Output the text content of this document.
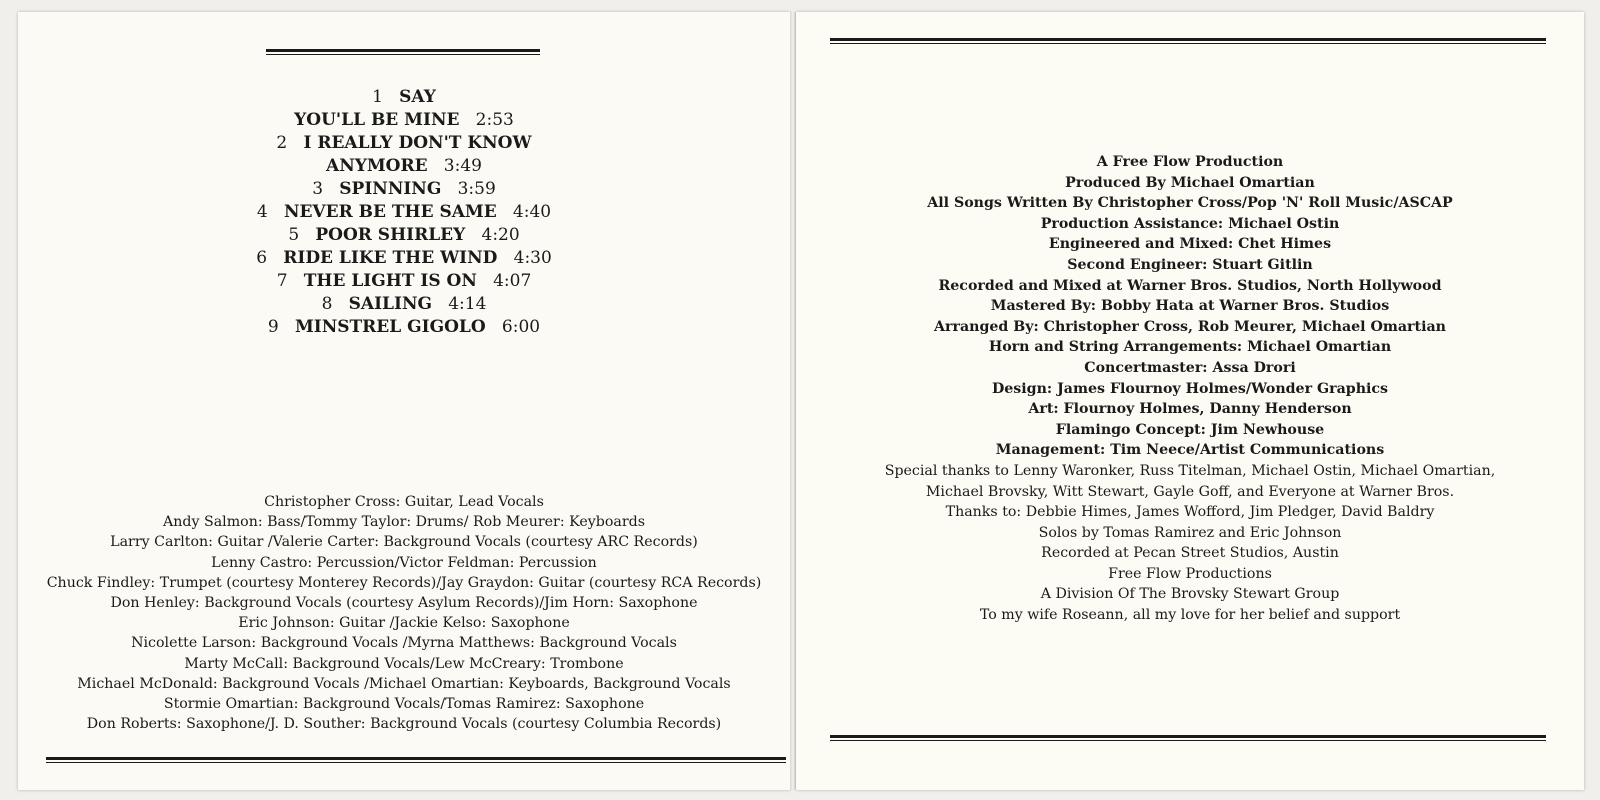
1 SAY
YOU'LL BE MINE 2:53
2 I REALLY DON'T KNOW
ANYMORE 3:49
3 SPINNING 3:59
4 NEVER BE THE SAME 4:40
5 POOR SHIRLEY 4:20
6 RIDE LIKE THE WIND 4:30
7 THE LIGHT IS ON 4:07
8 SAILING 4:14
9 MINSTREL GIGOLO 6:00
Christopher Cross: Guitar, Lead Vocals
Andy Salmon: Bass/Tommy Taylor: Drums/ Rob Meurer: Keyboards
Larry Carlton: Guitar /Valerie Carter: Background Vocals (courtesy ARC Records)
Lenny Castro: Percussion/Victor Feldman: Percussion
Chuck Findley: Trumpet (courtesy Monterey Records)/Jay Graydon: Guitar (courtesy RCA Records)
Don Henley: Background Vocals (courtesy Asylum Records)/Jim Horn: Saxophone
Eric Johnson: Guitar /Jackie Kelso: Saxophone
Nicolette Larson: Background Vocals /Myrna Matthews: Background Vocals
Marty McCall: Background Vocals/Lew McCreary: Trombone
Michael McDonald: Background Vocals /Michael Omartian: Keyboards, Background Vocals
Stormie Omartian: Background Vocals/Tomas Ramirez: Saxophone
Don Roberts: Saxophone/J. D. Souther: Background Vocals (courtesy Columbia Records)
A Free Flow Production
Produced By Michael Omartian
All Songs Written By Christopher Cross/Pop 'N' Roll Music/ASCAP
Production Assistance: Michael Ostin
Engineered and Mixed: Chet Himes
Second Engineer: Stuart Gitlin
Recorded and Mixed at Warner Bros. Studios, North Hollywood
Mastered By: Bobby Hata at Warner Bros. Studios
Arranged By: Christopher Cross, Rob Meurer, Michael Omartian
Horn and String Arrangements: Michael Omartian
Concertmaster: Assa Drori
Design: James Flournoy Holmes/Wonder Graphics
Art: Flournoy Holmes, Danny Henderson
Flamingo Concept: Jim Newhouse
Management: Tim Neece/Artist Communications
Special thanks to Lenny Waronker, Russ Titelman, Michael Ostin, Michael Omartian,
Michael Brovsky, Witt Stewart, Gayle Goff, and Everyone at Warner Bros.
Thanks to: Debbie Himes, James Wofford, Jim Pledger, David Baldry
Solos by Tomas Ramirez and Eric Johnson
Recorded at Pecan Street Studios, Austin
Free Flow Productions
A Division Of The Brovsky Stewart Group
To my wife Roseann, all my love for her belief and support
